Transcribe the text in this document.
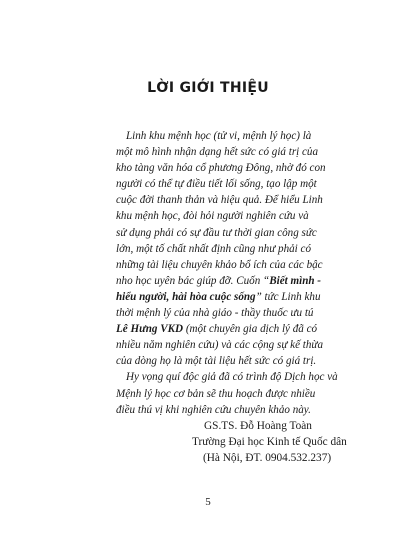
LỜI GIỚI THIỆU
Linh khu mệnh học (tử vi, mệnh lý học) là
một mô hình nhận dạng hết sức có giá trị của
kho tàng văn hóa cổ phương Đông, nhờ đó con
người có thể tự điều tiết lối sống, tạo lập một
cuộc đời thanh thản và hiệu quả. Để hiểu Linh
khu mệnh học, đòi hỏi người nghiên cứu và
sử dụng phải có sự đầu tư thời gian công sức
lớn, một tố chất nhất định cũng như phải có
những tài liệu chuyên khảo bổ ích của các bậc
nho học uyên bác giúp đỡ. Cuốn “Biết mình -
hiểu người, hài hòa cuộc sống” tức Linh khu
thời mệnh lý của nhà giáo - thầy thuốc ưu tú
Lê Hưng VKD (một chuyên gia dịch lý đã có
nhiều năm nghiên cứu) và các cộng sự kế thừa
của dòng họ là một tài liệu hết sức có giá trị.
Hy vọng quí độc giả đã có trình độ Dịch học và
Mệnh lý học cơ bản sẽ thu hoạch được nhiều
điều thú vị khi nghiên cứu chuyên khảo này.
GS.TS. Đỗ Hoàng Toàn
Trường Đại học Kinh tế Quốc dân
(Hà Nội, ĐT. 0904.532.237)
5
